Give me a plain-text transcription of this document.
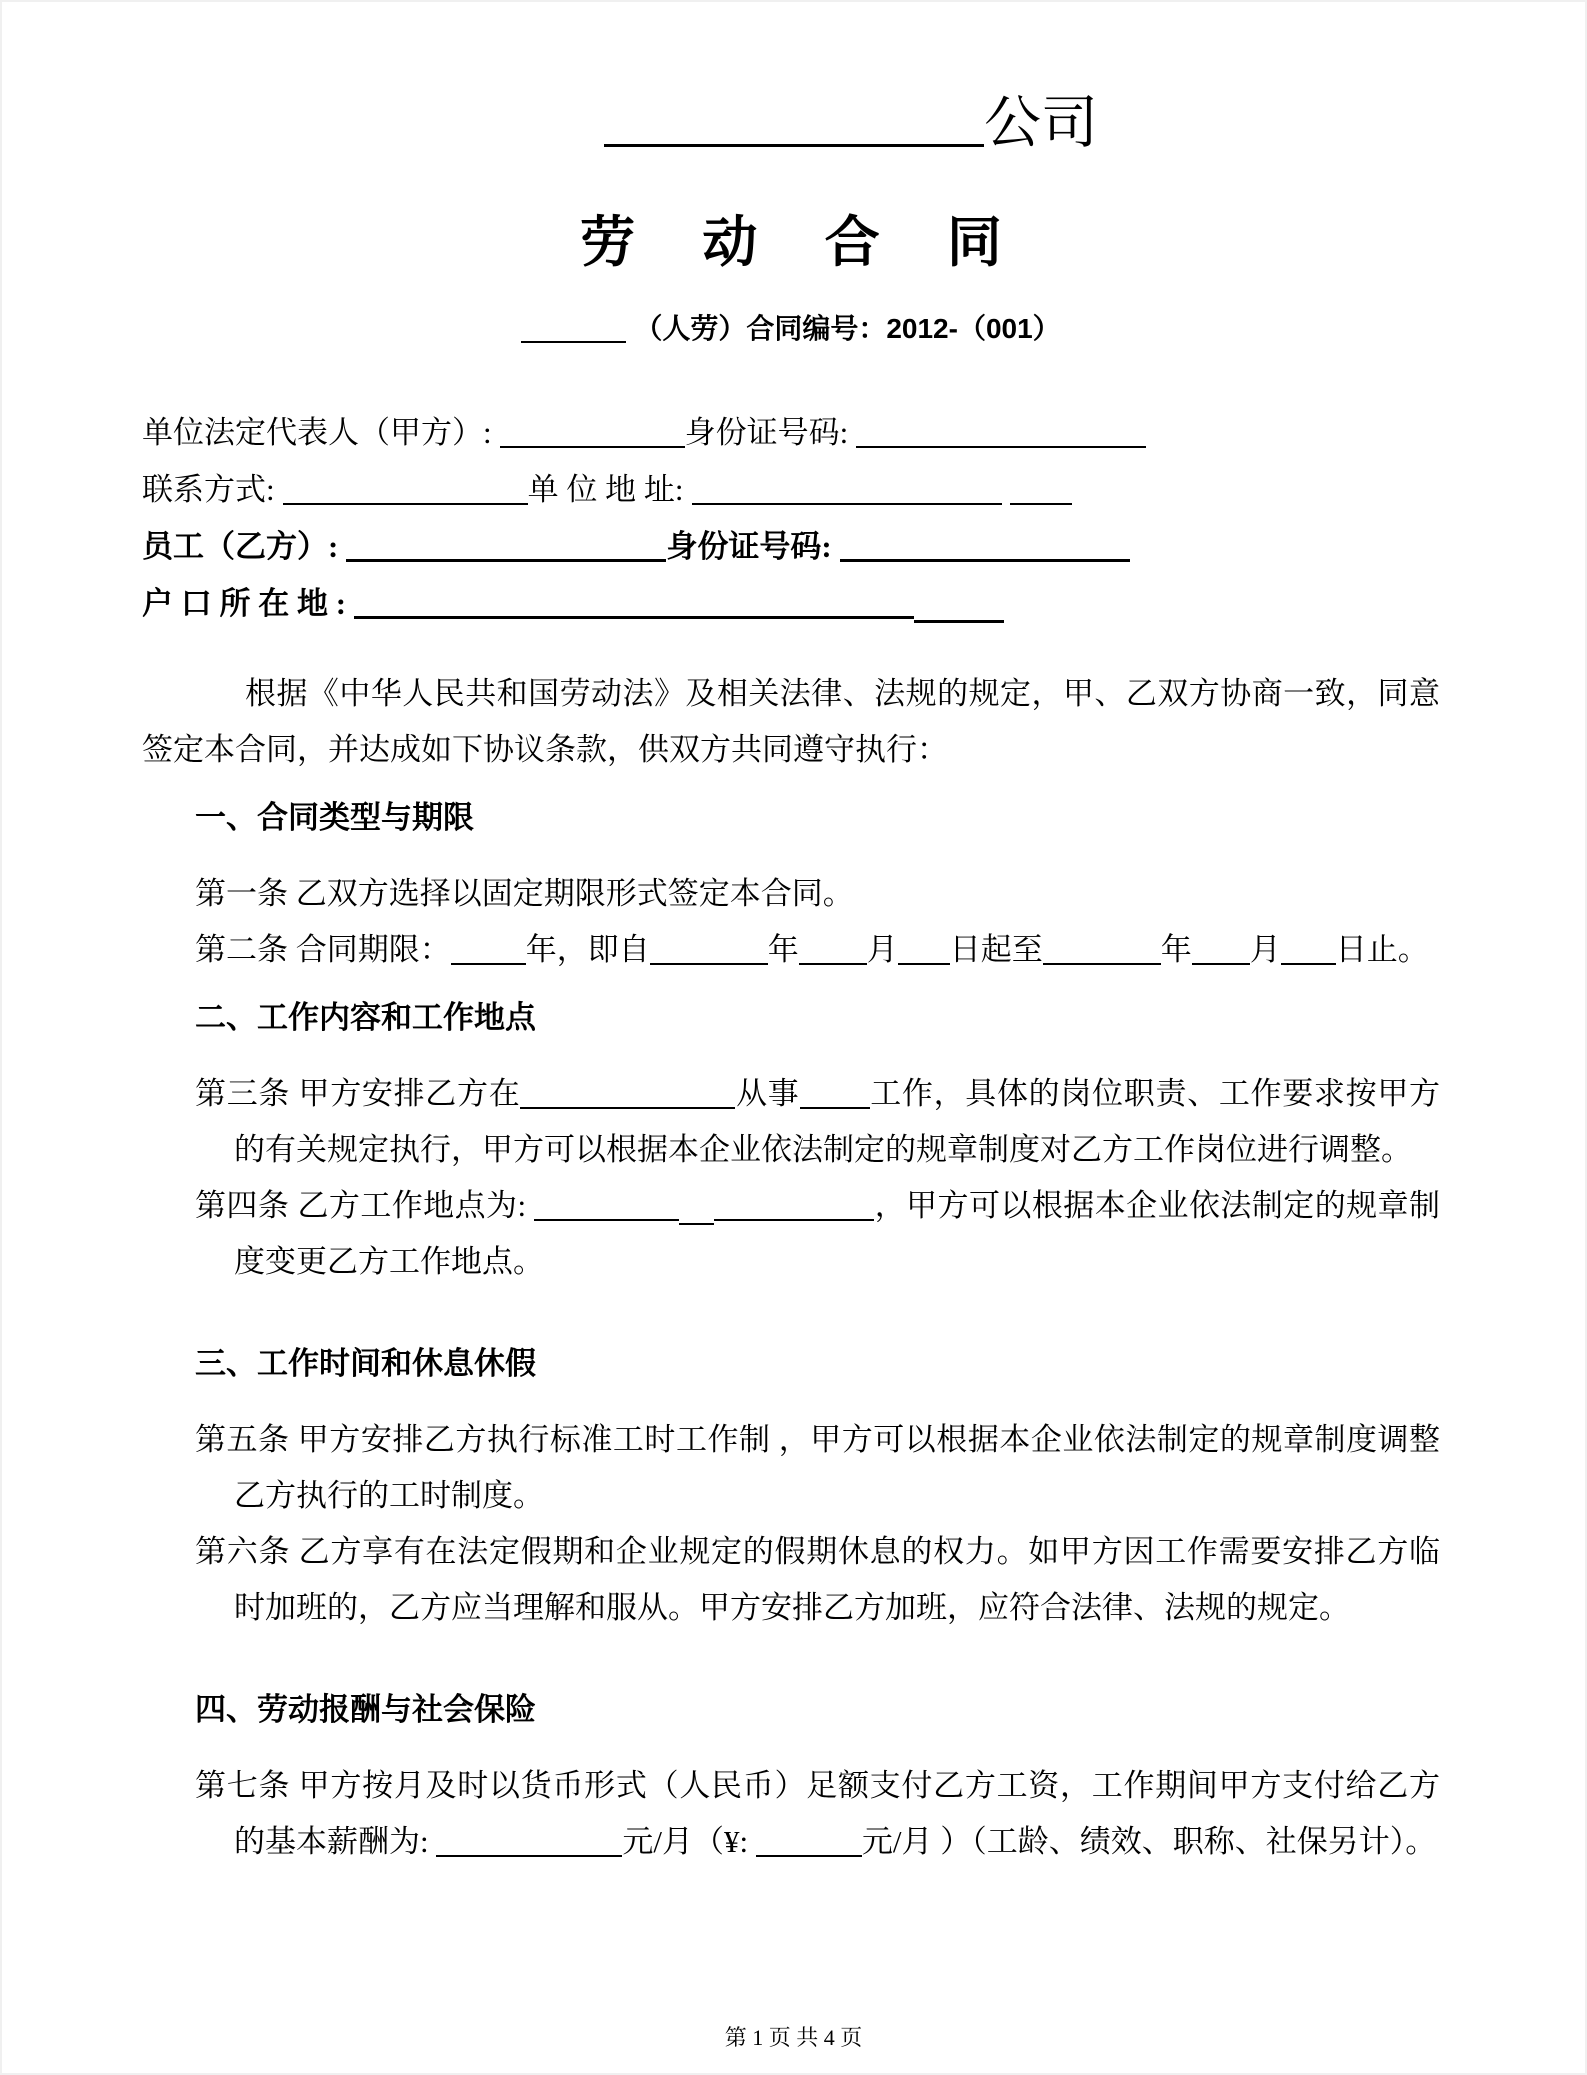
公司
劳 动 合 同
（人劳）合同编号：2012-（001）
单位法定代表人（甲方）:	身份证号码:
联系方式:	单 位 地 址:
员工（乙方）:	身份证号码:
户 口 所 在 地 :

根据《中华人民共和国劳动法》及相关法律、法规的规定，甲、乙双方协商一致，同意签定本合同，并达成如下协议条款，供双方共同遵守执行：

一、合同类型与期限

第一条 乙双方选择以固定期限形式签定本合同。

第二条 合同期限： 年，即自	年 月 日起至	年 月 日止。

二、工作内容和工作地点

第三条 甲方安排乙方在	从事 工作，具体的岗位职责、工作要求按甲方的有关规定执行，甲方可以根据本企业依法制定的规章制度对乙方工作岗位进行调整。

第四条 乙方工作地点为:	，甲方可以根据本企业依法制定的规章制度变更乙方工作地点。

三、工作时间和休息休假

第五条 甲方安排乙方执行标准工时工作制 ，甲方可以根据本企业依法制定的规章制度调整乙方执行的工时制度。

第六条 乙方享有在法定假期和企业规定的假期休息的权力。如甲方因工作需要安排乙方临时加班的，乙方应当理解和服从。甲方安排乙方加班，应符合法律、法规的规定。

四、劳动报酬与社会保险

第七条 甲方按月及时以货币形式（人民币）足额支付乙方工资，工作期间甲方支付给乙方的基本薪酬为:	元/月（¥:	元/月 ）（工龄、绩效、职称、社保另计）。

第 1 页 共 4 页
